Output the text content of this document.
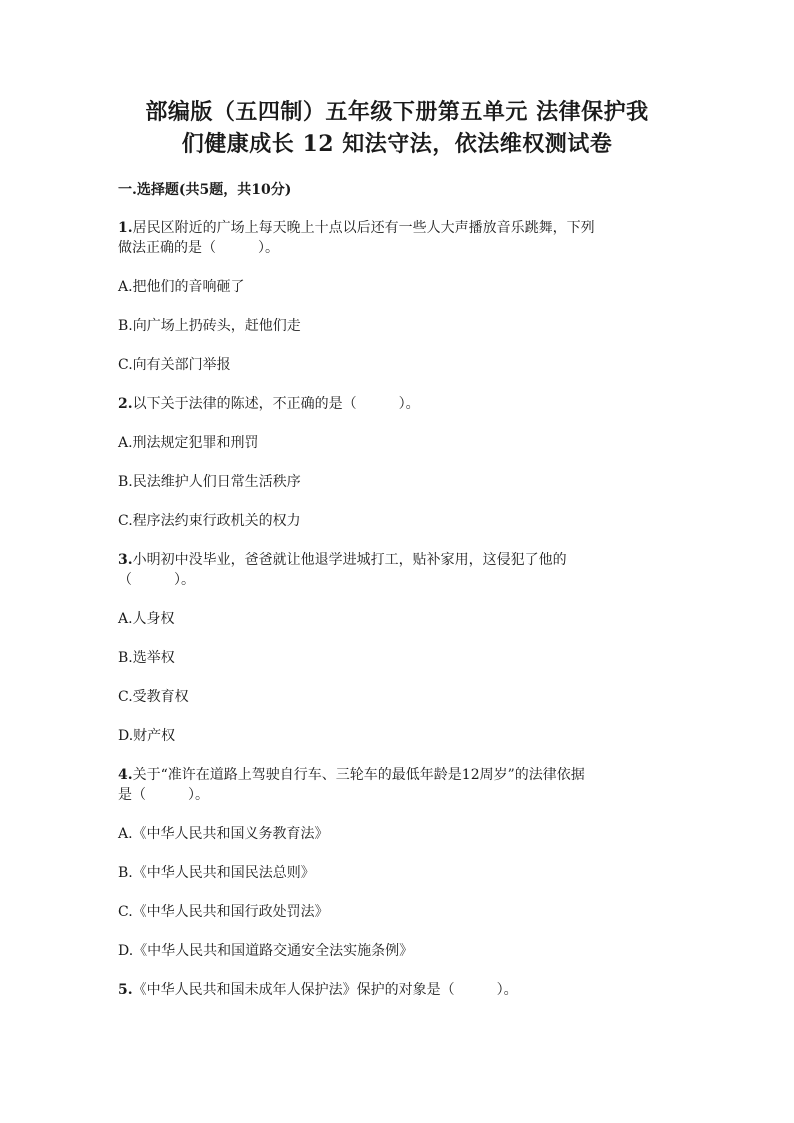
部编版（五四制）五年级下册第五单元 法律保护我
们健康成长 12 知法守法，依法维权测试卷
一.选择题(共5题，共10分)

1.居民区附近的广场上每天晚上十点以后还有一些人大声播放音乐跳舞，下列

做法正确的是（　　　）。

A.把他们的音响砸了

B.向广场上扔砖头，赶他们走

C.向有关部门举报

2.以下关于法律的陈述，不正确的是（　　　）。

A.刑法规定犯罪和刑罚

B.民法维护人们日常生活秩序

C.程序法约束行政机关的权力

3.小明初中没毕业，爸爸就让他退学进城打工，贴补家用，这侵犯了他的

（　　　）。

A.人身权

B.选举权

C.受教育权

D.财产权

4.关于“准许在道路上驾驶自行车、三轮车的最低年龄是12周岁”的法律依据

是（　　　）。

A.《中华人民共和国义务教育法》

B.《中华人民共和国民法总则》

C.《中华人民共和国行政处罚法》

D.《中华人民共和国道路交通安全法实施条例》

5.《中华人民共和国未成年人保护法》保护的对象是（　　　）。
